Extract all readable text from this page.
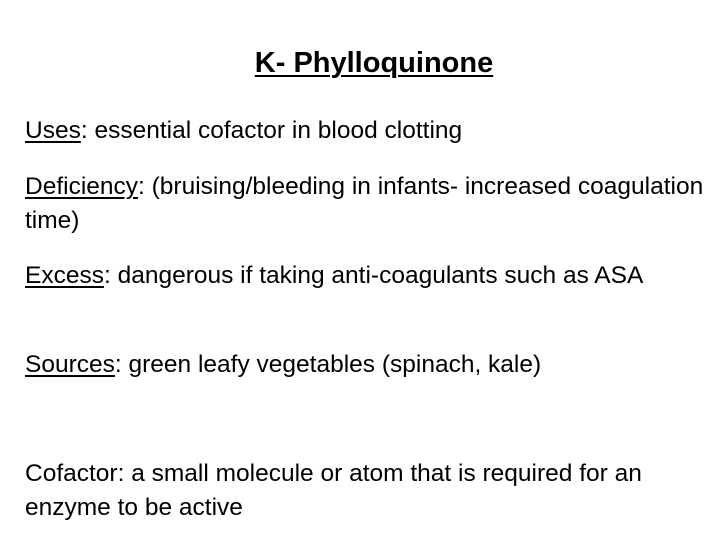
K- Phylloquinone

Uses: essential cofactor in blood clotting

Deficiency: (bruising/bleeding in infants- increased coagulation time)

Excess: dangerous if taking anti-coagulants such as ASA

Sources: green leafy vegetables (spinach, kale)

Cofactor: a small molecule or atom that is required for an enzyme to be active
